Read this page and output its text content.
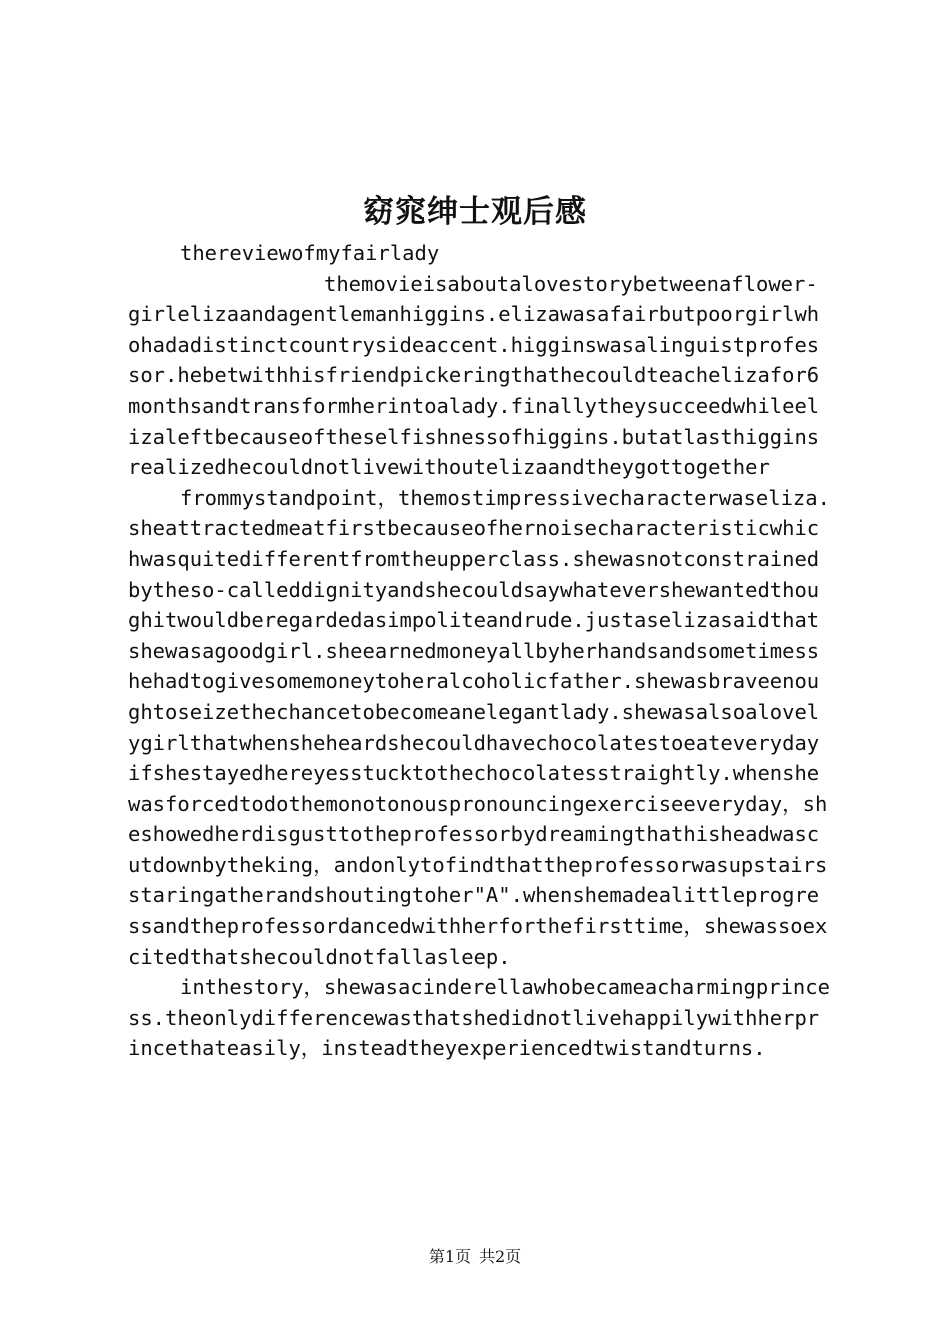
窈窕绅士观后感

thereviewofmyfairlady

themovieisaboutalovestorybetweenaflower-girlelizaandagentlemanhiggins.elizawasafairbutpoorgirlwhohadadistinctcountrysideaccent.higginswasalinguistprofessor.hebetwithhisfriendpickeringthathecouldteachelizafor6monthsandtransformherintoalady.finallytheysucceedwhileelizaleftbecauseoftheselfishnessofhiggins.butatlasthigginsrealizedhecouldnotlivewithoutelizaandtheygottogether

frommystandpoint，themostimpressivecharacterwaseliza.sheattractedmeatfirstbecauseofhernoisecharacteristicwhichwasquitedifferentfromtheupperclass.shewasnotconstrainedbytheso-calleddignityandshecouldsaywhatevershewantedthoughitwouldberegardedasimpoliteandrude.justaselizasaidthatshewasagoodgirl.sheearnedmoneyallbyherhandsandsometimesshehadtogivesomemoneytoheralcoholicfather.shewasbraveenoughtoseizethechancetobecomeanelegantlady.shewasalsoalovelygirlthatwhensheheardshecouldhavechocolatestoeateverydayifshestayedhereyesstucktothechocolatesstraightly.whenshewasforcedtodothemonotonouspronouncingexerciseeveryday，sheshowedherdisgusttotheprofessorbydreamingthathisheadwascutdownbytheking，andonlytofindthattheprofessorwasupstairsstaringatherandshoutingtoher"A".whenshemadealittleprogressandtheprofessordancedwithherforthefirsttime，shewassoexcitedthatshecouldnotfallasleep.

inthestory，shewasacinderellawhobecameacharmingprincess.theonlydifferencewasthatshedidnotlivehappilywithherprincethateasily，insteadtheyexperiencedtwistandturns.

第1页 共2页
